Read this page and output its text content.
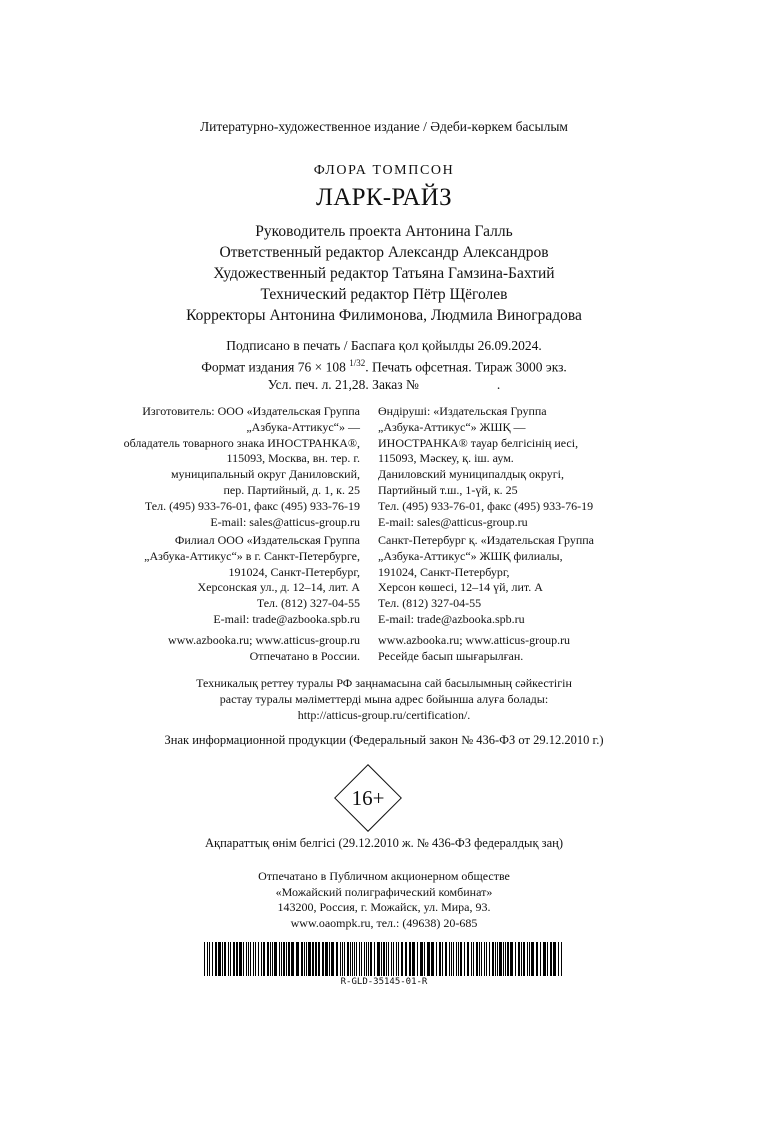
Литературно-художественное издание / Әдеби-көркем басылым
ФЛОРА ТОМПСОН
ЛАРК-РАЙЗ
Руководитель проекта Антонина Галль
Ответственный редактор Александр Александров
Художественный редактор Татьяна Гамзина-Бахтий
Технический редактор Пётр Щёголев
Корректоры Антонина Филимонова, Людмила Виноградова
Подписано в печать / Баспаға қол қойылды 26.09.2024.
Формат издания 76 × 108 $^{1/32}$. Печать офсетная. Тираж 3000 экз.
Усл. печ. л. 21,28. Заказ №	.
Изготовитель: ООО «Издательская Группа
„Азбука-Аттикус“» —
обладатель товарного знака ИНОСТРАНКА®,
115093, Москва, вн. тер. г.
муниципальный округ Даниловский,
пер. Партийный, д. 1, к. 25
Тел. (495) 933-76-01, факс (495) 933-76-19
E-mail: sales@atticus-group.ru
Өндіруші: «Издательская Группа
„Азбука-Аттикус“» ЖШҚ —
ИНОСТРАНКА® тауар белгісінің иесі,
115093, Мәскеу, қ. іш. аум.
Даниловский муниципалдық округі,
Партийный т.ш., 1-үй, к. 25
Тел. (495) 933-76-01, факс (495) 933-76-19
E-mail: sales@atticus-group.ru
Филиал ООО «Издательская Группа
„Азбука-Аттикус“» в г. Санкт-Петербурге,
191024, Санкт-Петербург,
Херсонская ул., д. 12–14, лит. А
Тел. (812) 327-04-55
E-mail: trade@azbooka.spb.ru
Санкт-Петербург қ. «Издательская Группа
„Азбука-Аттикус“» ЖШҚ филиалы,
191024, Санкт-Петербург,
Херсон көшесі, 12–14 үй, лит. А
Тел. (812) 327-04-55
E-mail: trade@azbooka.spb.ru
www.azbooka.ru; www.atticus-group.ru
Отпечатано в России.
www.azbooka.ru; www.atticus-group.ru
Ресейде басып шығарылған.
Техникалық реттеу туралы РФ заңнамасына сай басылымның сәйкестігін
растау туралы мәліметтерді мына адрес бойынша алуға болады:
http://atticus-group.ru/certification/.
Знак информационной продукции (Федеральный закон № 436-ФЗ от 29.12.2010 г.)
16+
Ақпараттық өнім белгісі (29.12.2010 ж. № 436-ФЗ федералдық заң)
Отпечатано в Публичном акционерном обществе
«Можайский полиграфический комбинат»
143200, Россия, г. Можайск, ул. Мира, 93.
www.oaompk.ru, тел.: (49638) 20-685
R-GLD-35145-01-R
